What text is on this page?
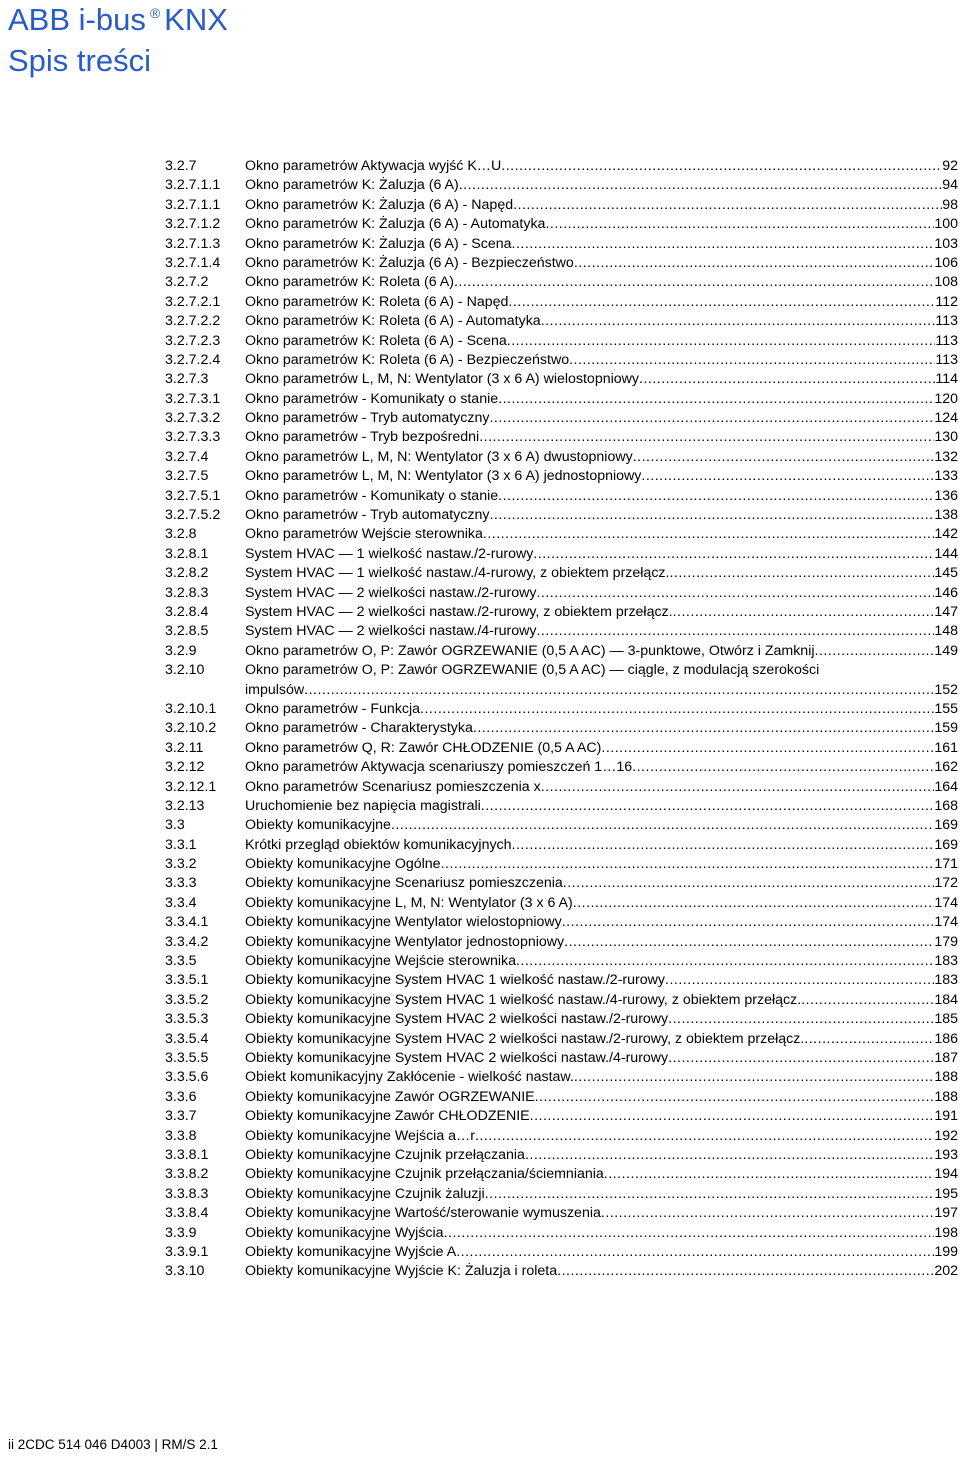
ABB i-bus ® KNX
Spis treści
3.2.7	Okno parametrów Aktywacja wyjść K…U .....	92
3.2.7.1.1 Okno parametrów K: Żaluzja (6 A) .....	94
3.2.7.1.1 Okno parametrów K: Żaluzja (6 A) - Napęd .....	98
3.2.7.1.2 Okno parametrów K: Żaluzja (6 A) - Automatyka .....	100
3.2.7.1.3 Okno parametrów K: Żaluzja (6 A) - Scena .....	103
3.2.7.1.4 Okno parametrów K: Żaluzja (6 A) - Bezpieczeństwo .....	106
3.2.7.2	Okno parametrów K: Roleta (6 A) .....	108
3.2.7.2.1 Okno parametrów K: Roleta (6 A) - Napęd .....	112
3.2.7.2.2 Okno parametrów K: Roleta (6 A) - Automatyka .....	113
3.2.7.2.3 Okno parametrów K: Roleta (6 A) - Scena .....	113
3.2.7.2.4 Okno parametrów K: Roleta (6 A) - Bezpieczeństwo .....	113
3.2.7.3	Okno parametrów L, M, N: Wentylator (3 x 6 A) wielostopniowy .....	114
3.2.7.3.1 Okno parametrów - Komunikaty o stanie .....	120
3.2.7.3.2 Okno parametrów - Tryb automatyczny .....	124
3.2.7.3.3 Okno parametrów - Tryb bezpośredni .....	130
3.2.7.4	Okno parametrów L, M, N: Wentylator (3 x 6 A) dwustopniowy .....	132
3.2.7.5	Okno parametrów L, M, N: Wentylator (3 x 6 A) jednostopniowy .....	133
3.2.7.5.1 Okno parametrów - Komunikaty o stanie .....	136
3.2.7.5.2 Okno parametrów - Tryb automatyczny .....	138
3.2.8	Okno parametrów Wejście sterownika .....	142
3.2.8.1	System HVAC — 1 wielkość nastaw./2-rurowy .....	144
3.2.8.2	System HVAC — 1 wielkość nastaw./4-rurowy, z obiektem przełącz. .....	145
3.2.8.3	System HVAC — 2 wielkości nastaw./2-rurowy .....	146
3.2.8.4	System HVAC — 2 wielkości nastaw./2-rurowy, z obiektem przełącz. .....	147
3.2.8.5	System HVAC — 2 wielkości nastaw./4-rurowy .....	148
3.2.9	Okno parametrów O, P: Zawór OGRZEWANIE (0,5 A AC) — 3-punktowe, Otwórz i Zamknij .....	149
3.2.10	Okno parametrów O, P: Zawór OGRZEWANIE (0,5 A AC) — ciągle, z modulacją szerokości
impulsów .....	152
3.2.10.1 Okno parametrów - Funkcja .....	155
3.2.10.2 Okno parametrów - Charakterystyka .....	159
3.2.11	Okno parametrów Q, R: Zawór CHŁODZENIE (0,5 A AC) .....	161
3.2.12	Okno parametrów Aktywacja scenariuszy pomieszczeń 1…16 .....	162
3.2.12.1 Okno parametrów Scenariusz pomieszczenia x .....	164
3.2.13	Uruchomienie bez napięcia magistrali .....	168
3.3	Obiekty komunikacyjne .....	169
3.3.1	Krótki przegląd obiektów komunikacyjnych .....	169
3.3.2	Obiekty komunikacyjne Ogólne .....	171
3.3.3	Obiekty komunikacyjne Scenariusz pomieszczenia .....	172
3.3.4	Obiekty komunikacyjne L, M, N: Wentylator (3 x 6 A) .....	174
3.3.4.1	Obiekty komunikacyjne Wentylator wielostopniowy .....	174
3.3.4.2	Obiekty komunikacyjne Wentylator jednostopniowy .....	179
3.3.5	Obiekty komunikacyjne Wejście sterownika .....	183
3.3.5.1	Obiekty komunikacyjne System HVAC 1 wielkość nastaw./2-rurowy .....	183
3.3.5.2	Obiekty komunikacyjne System HVAC 1 wielkość nastaw./4-rurowy, z obiektem przełącz. .....	184
3.3.5.3	Obiekty komunikacyjne System HVAC 2 wielkości nastaw./2-rurowy .....	185
3.3.5.4	Obiekty komunikacyjne System HVAC 2 wielkości nastaw./2-rurowy, z obiektem przełącz. .....	186
3.3.5.5	Obiekty komunikacyjne System HVAC 2 wielkości nastaw./4-rurowy .....	187
3.3.5.6	Obiekt komunikacyjny Zakłócenie - wielkość nastaw. .....	188
3.3.6	Obiekty komunikacyjne Zawór OGRZEWANIE .....	188
3.3.7	Obiekty komunikacyjne Zawór CHŁODZENIE .....	191
3.3.8	Obiekty komunikacyjne Wejścia a…r .....	192
3.3.8.1	Obiekty komunikacyjne Czujnik przełączania .....	193
3.3.8.2	Obiekty komunikacyjne Czujnik przełączania/ściemniania .....	194
3.3.8.3	Obiekty komunikacyjne Czujnik żaluzji .....	195
3.3.8.4	Obiekty komunikacyjne Wartość/sterowanie wymuszenia .....	197
3.3.9	Obiekty komunikacyjne Wyjścia .....	198
3.3.9.1	Obiekty komunikacyjne Wyjście A .....	199
3.3.10	Obiekty komunikacyjne Wyjście K: Żaluzja i roleta .....	202
ii 2CDC 514 046 D4003 | RM/S 2.1
